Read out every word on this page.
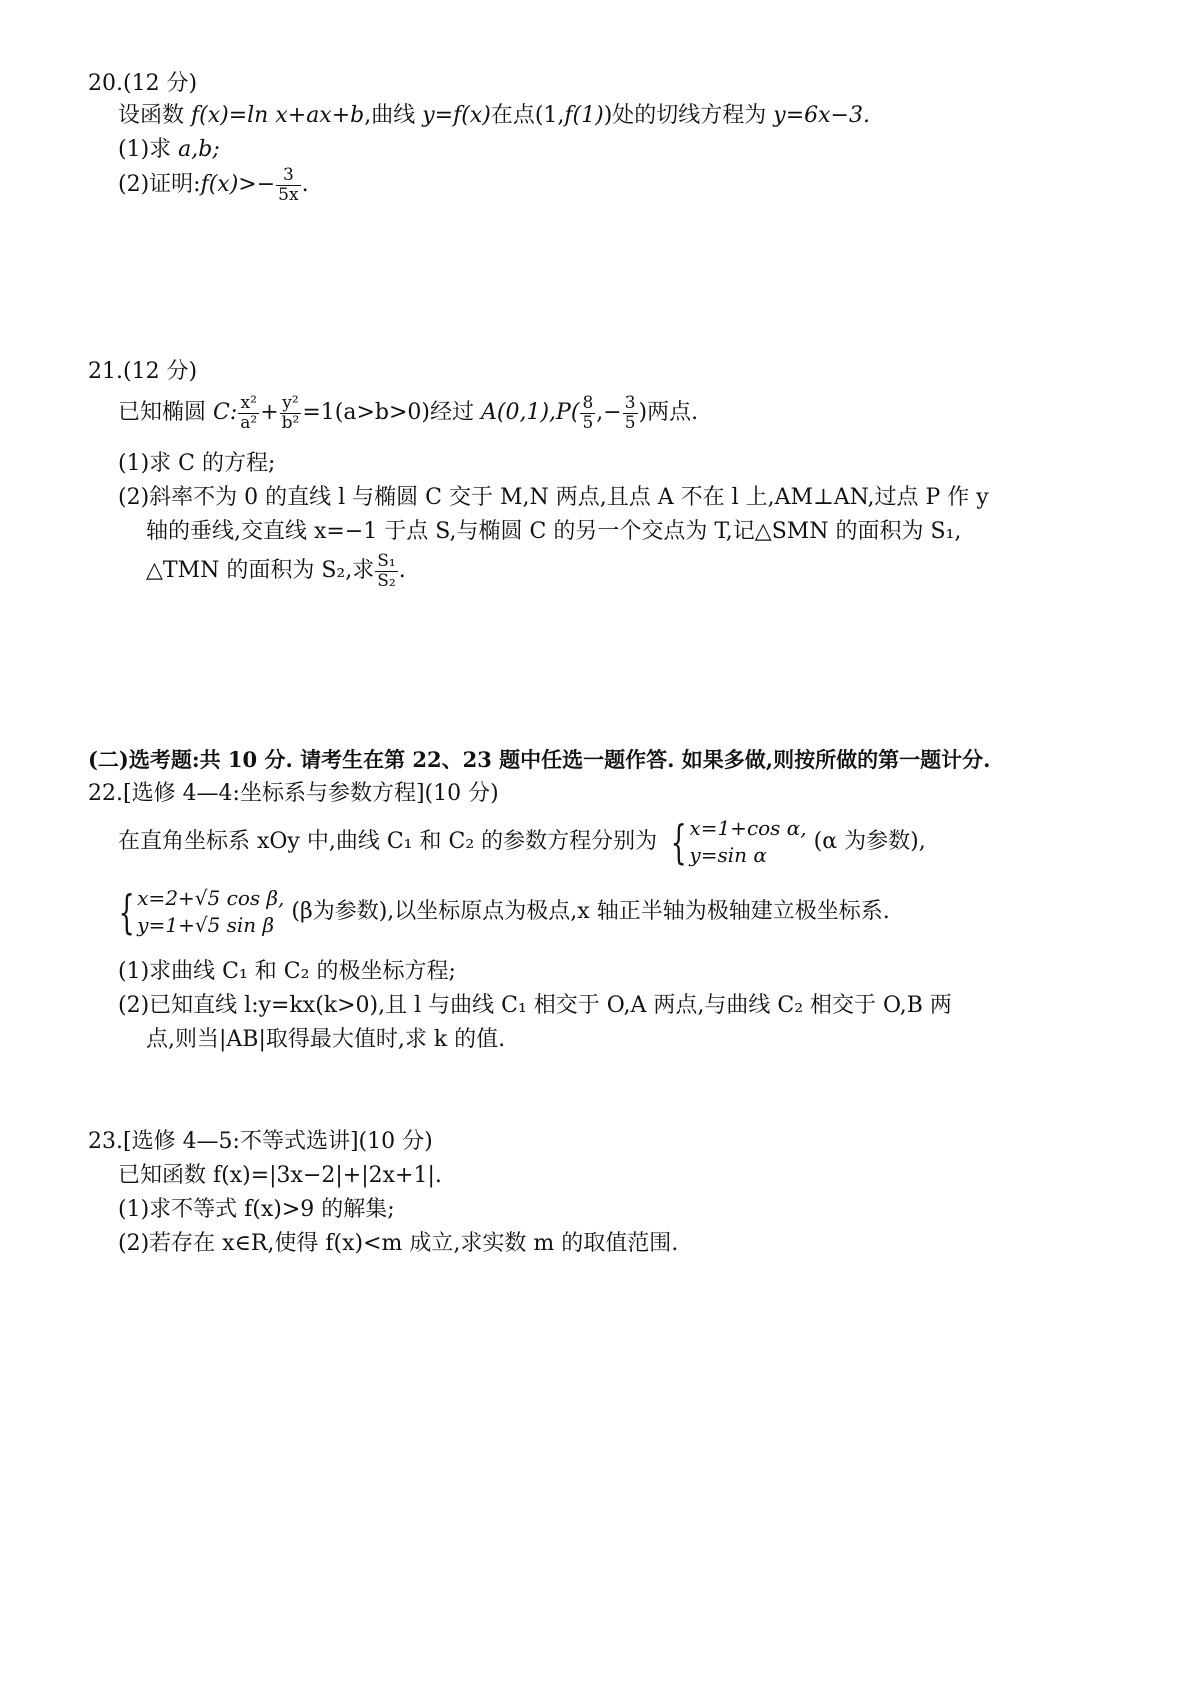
20.(12 分)
设函数 f(x)=ln x+ax+b,曲线 y=f(x)在点(1,f(1))处的切线方程为 y=6x−3.
(1)求 a,b;
(2)证明:f(x)>− $\frac{3}{5x}$ .
21.(12 分)
已知椭圆 C: $\frac{\text{x²}}{\text{a²}} + \frac{\text{y²}}{\text{b²}} =1(a>b>0)$经过 $A(0,1),P( \frac{8}{5}$ ,− $\frac{3}{5}$ )两点.
(1)求 C 的方程;
(2)斜率不为 0 的直线 l 与椭圆 C 交于 M,N 两点,且点 A 不在 l 上,AM⊥AN,过点 P 作 y
轴的垂线,交直线 x=−1 于点 S,与椭圆 C 的另一个交点为 T,记△SMN 的面积为 S₁,
△TMN 的面积为 S₂,求 $\frac{\text{S₁}}{\text{S₂}}$ .
(二)选考题:共 10 分. 请考生在第 22、23 题中任选一题作答. 如果多做,则按所做的第一题计分.
22.[选修 4—4:坐标系与参数方程](10 分)
在直角坐标系 xOy 中,曲线 C₁ 和 C₂ 的参数方程分别为 { x=1+cos α,
y=sin α
(α 为参数),
{ x=2+√5 cos β,
y=1+√5 sin β
(β为参数),以坐标原点为极点,x 轴正半轴为极轴建立极坐标系.
(1)求曲线 C₁ 和 C₂ 的极坐标方程;
(2)已知直线 l:y=kx(k>0),且 l 与曲线 C₁ 相交于 O,A 两点,与曲线 C₂ 相交于 O,B 两
点,则当|AB|取得最大值时,求 k 的值.
23.[选修 4—5:不等式选讲](10 分)
已知函数 f(x)=|3x−2|+|2x+1|.
(1)求不等式 f(x)>9 的解集;
(2)若存在 x∈R,使得 f(x)<m 成立,求实数 m 的取值范围.
